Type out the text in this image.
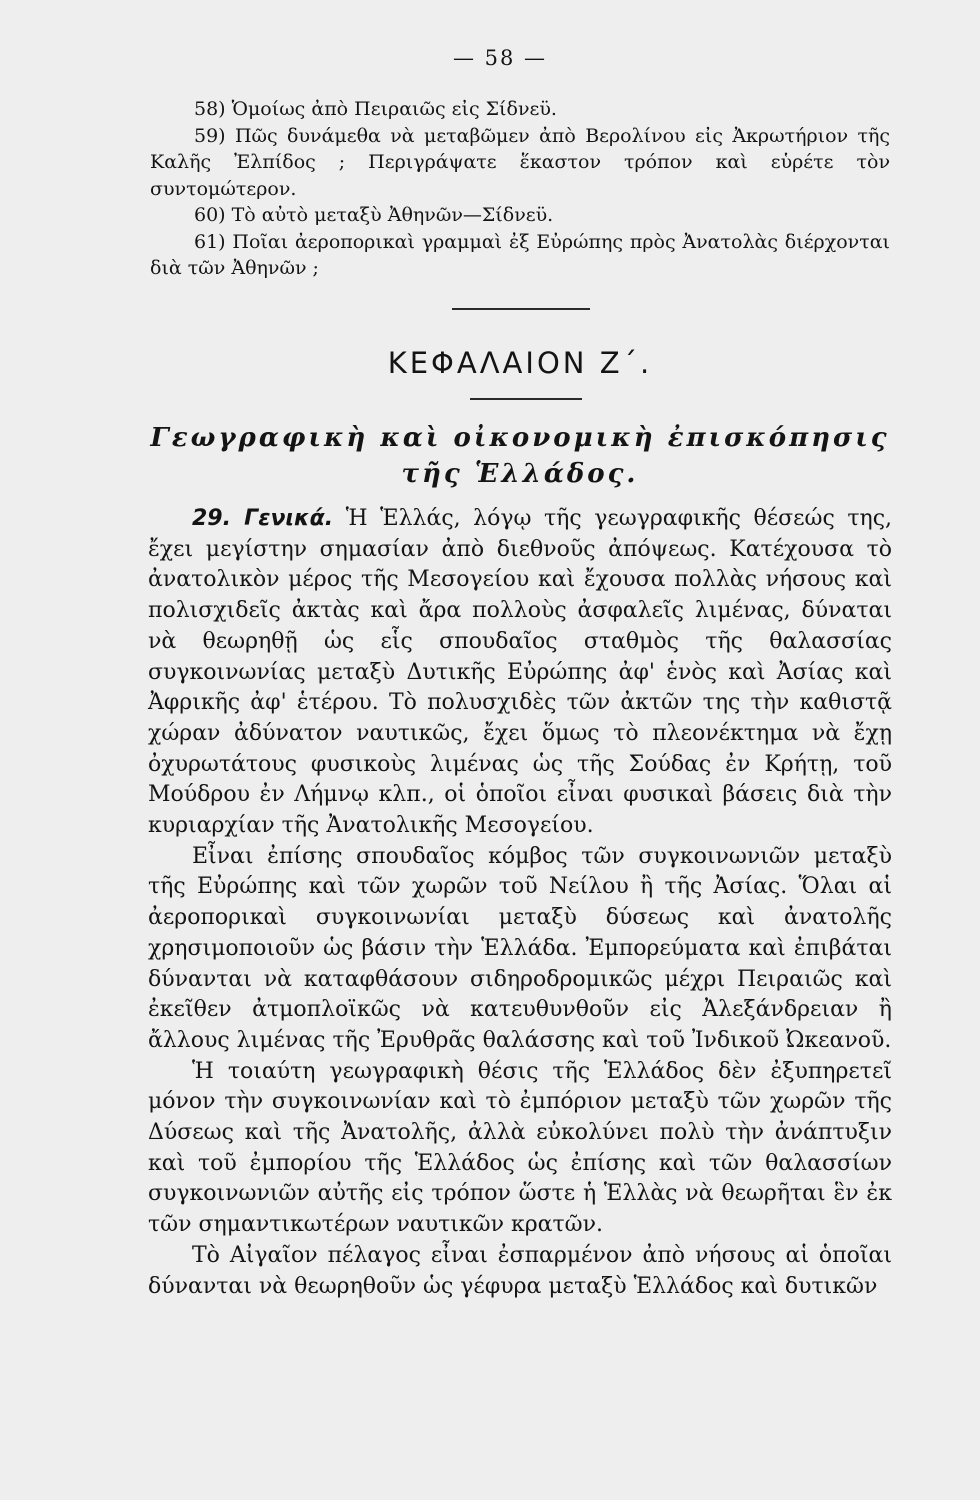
— 58 —

58) Ὁμοίως ἀπὸ Πειραιῶς εἰς Σίδνεϋ.

59) Πῶς δυνάμεθα νὰ μεταβῶμεν ἀπὸ Βερολίνου εἰς Ἀκρωτήριον τῆς Καλῆς Ἐλπίδος ; Περιγράψατε ἕκαστον τρόπον καὶ εὑρέτε τὸν συντομώτερον.

60) Τὸ αὐτὸ μεταξὺ Ἀθηνῶν—Σίδνεϋ.

61) Ποῖαι ἀεροπορικαὶ γραμμαὶ ἐξ Εὐρώπης πρὸς Ἀνατολὰς διέρχονται διὰ τῶν Ἀθηνῶν ;

ΚΕΦΑΛΑΙΟΝ Ζ΄.
Γεωγραφικὴ καὶ οἰκονομικὴ ἐπισκόπησις τῆς Ἑλλάδος.

29. Γενικά. Ἡ Ἑλλάς, λόγῳ τῆς γεωγραφικῆς θέσεώς της, ἔχει μεγίστην σημασίαν ἀπὸ διεθνοῦς ἀπόψεως. Κατέχουσα τὸ ἀνατολικὸν μέρος τῆς Μεσογείου καὶ ἔχουσα πολλὰς νήσους καὶ πολισχιδεῖς ἀκτὰς καὶ ἄρα πολλοὺς ἀσφαλεῖς λιμένας, δύναται νὰ θεωρηθῇ ὡς εἷς σπουδαῖος σταθμὸς τῆς θαλασσίας συγκοινωνίας μεταξὺ Δυτικῆς Εὐρώπης ἀφ' ἑνὸς καὶ Ἀσίας καὶ Ἀφρικῆς ἀφ' ἑτέρου. Τὸ πολυσχιδὲς τῶν ἀκτῶν της τὴν καθιστᾷ χώραν ἀδύνατον ναυτικῶς, ἔχει ὅμως τὸ πλεονέκτημα νὰ ἔχῃ ὀχυρωτάτους φυσικοὺς λιμένας ὡς τῆς Σούδας ἐν Κρήτῃ, τοῦ Μούδρου ἐν Λήμνῳ κλπ., οἱ ὁποῖοι εἶναι φυσικαὶ βάσεις διὰ τὴν κυριαρχίαν τῆς Ἀνατολικῆς Μεσογείου.

Εἶναι ἐπίσης σπουδαῖος κόμβος τῶν συγκοινωνιῶν μεταξὺ τῆς Εὐρώπης καὶ τῶν χωρῶν τοῦ Νείλου ἢ τῆς Ἀσίας. Ὅλαι αἱ ἀεροπορικαὶ συγκοινωνίαι μεταξὺ δύσεως καὶ ἀνατολῆς χρησιμοποιοῦν ὡς βάσιν τὴν Ἑλλάδα. Ἐμπορεύματα καὶ ἐπιβάται δύνανται νὰ καταφθάσουν σιδηροδρομικῶς μέχρι Πειραιῶς καὶ ἐκεῖθεν ἀτμοπλοϊκῶς νὰ κατευθυνθοῦν εἰς Ἀλεξάνδρειαν ἢ ἄλλους λιμένας τῆς Ἐρυθρᾶς θαλάσσης καὶ τοῦ Ἰνδικοῦ Ὠκεανοῦ.

Ἡ τοιαύτη γεωγραφικὴ θέσις τῆς Ἑλλάδος δὲν ἐξυπηρετεῖ μόνον τὴν συγκοινωνίαν καὶ τὸ ἐμπόριον μεταξὺ τῶν χωρῶν τῆς Δύσεως καὶ τῆς Ἀνατολῆς, ἀλλὰ εὐκολύνει πολὺ τὴν ἀνάπτυξιν καὶ τοῦ ἐμπορίου τῆς Ἑλλάδος ὡς ἐπίσης καὶ τῶν θαλασσίων συγκοινωνιῶν αὐτῆς εἰς τρόπον ὥστε ἡ Ἑλλὰς νὰ θεωρῆται ἓν ἐκ τῶν σημαντικωτέρων ναυτικῶν κρατῶν.

Τὸ Αἰγαῖον πέλαγος εἶναι ἐσπαρμένον ἀπὸ νήσους αἱ ὁποῖαι δύνανται νὰ θεωρηθοῦν ὡς γέφυρα μεταξὺ Ἑλλάδος καὶ δυτικῶν
